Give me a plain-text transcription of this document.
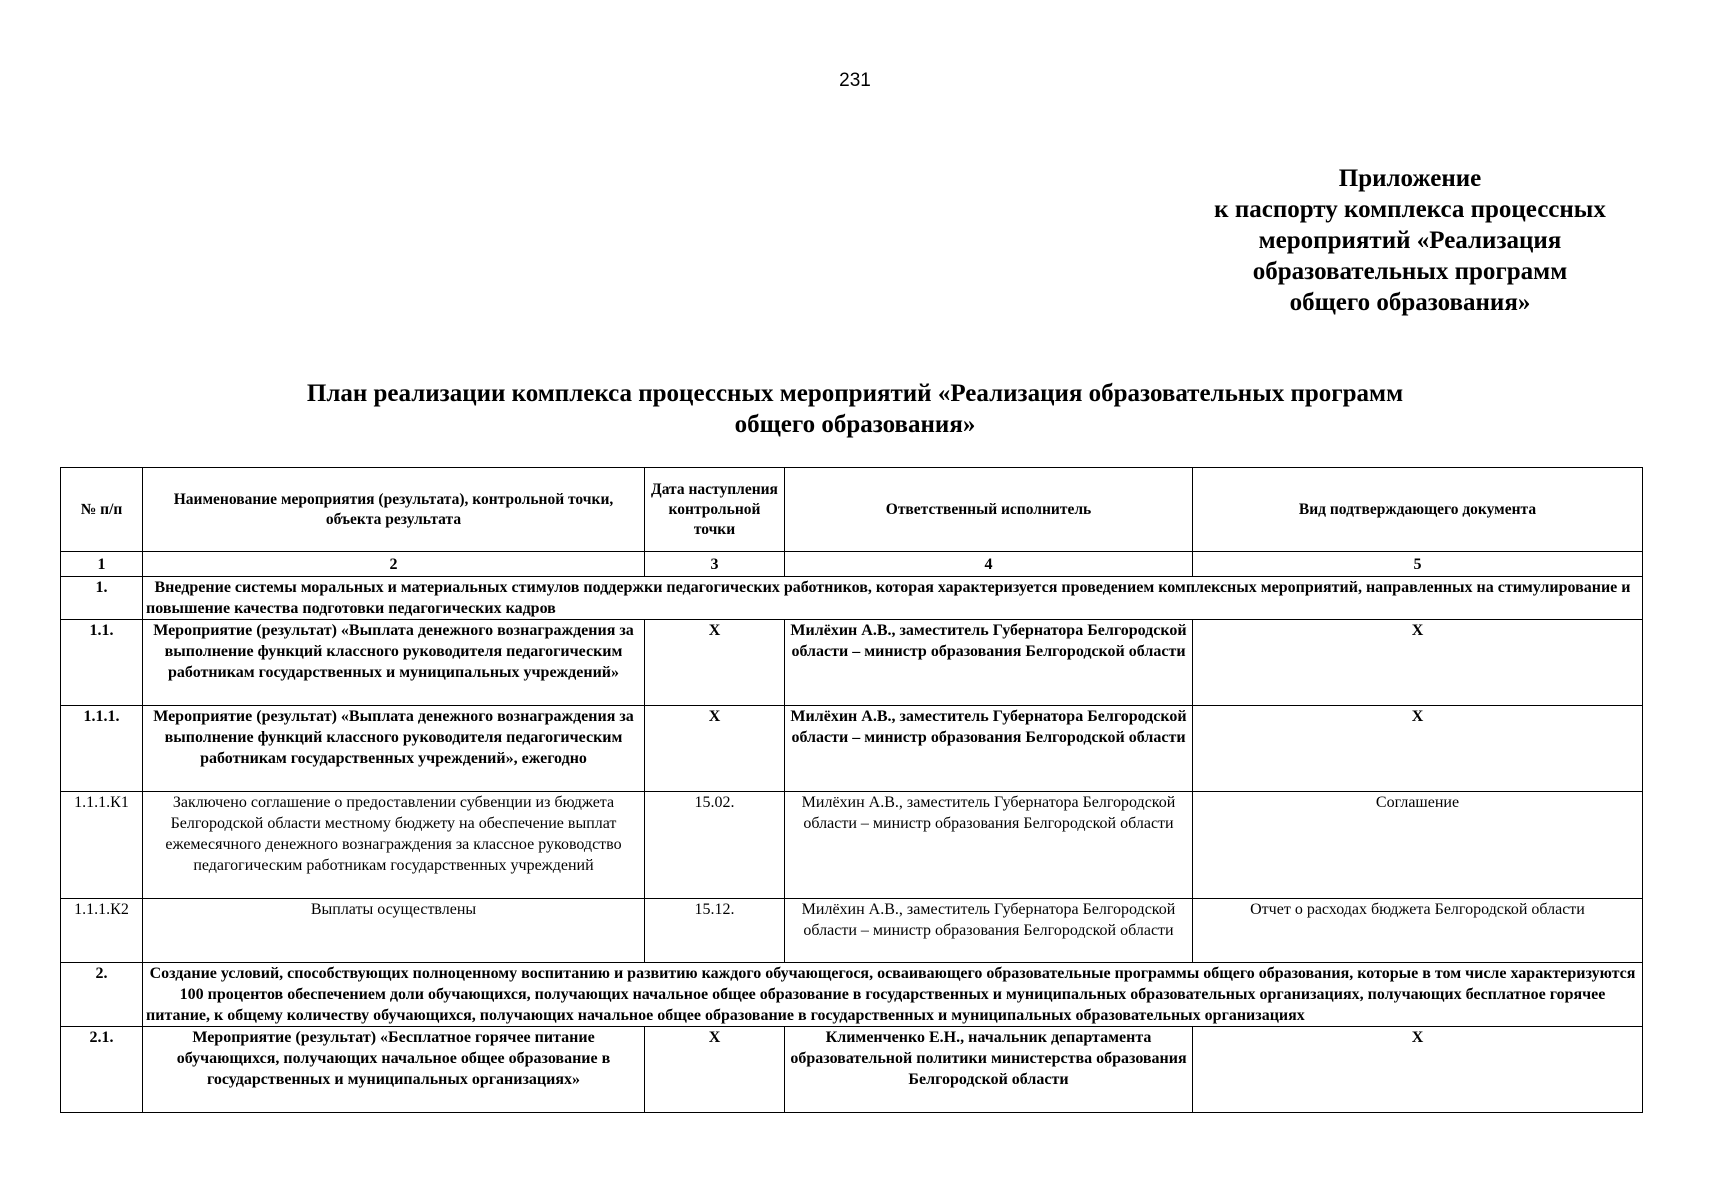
231
Приложение
к паспорту комплекса процессных
мероприятий «Реализация
образовательных программ
общего образования»
План реализации комплекса процессных мероприятий «Реализация образовательных программ
общего образования»
№ п/п	Наименование мероприятия (результата), контрольной точки, объекта результата	Дата наступления контрольной точки	Ответственный исполнитель	Вид подтверждающего документа
1	2	3	4	5
1.	Внедрение системы моральных и материальных стимулов поддержки педагогических работников, которая характеризуется проведением комплексных мероприятий, направленных на стимулирование и повышение качества подготовки педагогических кадров			
1.1.	Мероприятие (результат) «Выплата денежного вознаграждения за выполнение функций классного руководителя педагогическим работникам государственных и муниципальных учреждений»	X	Милёхин А.В., заместитель Губернатора Белгородской области – министр образования Белгородской области	X
1.1.1.	Мероприятие (результат) «Выплата денежного вознаграждения за выполнение функций классного руководителя педагогическим работникам государственных учреждений», ежегодно	X	Милёхин А.В., заместитель Губернатора Белгородской области – министр образования Белгородской области	X
1.1.1.К1	Заключено соглашение о предоставлении субвенции из бюджета Белгородской области местному бюджету на обеспечение выплат ежемесячного денежного вознаграждения за классное руководство педагогическим работникам государственных учреждений	15.02.	Милёхин А.В., заместитель Губернатора Белгородской области – министр образования Белгородской области	Соглашение
1.1.1.К2	Выплаты осуществлены	15.12.	Милёхин А.В., заместитель Губернатора Белгородской области – министр образования Белгородской области	Отчет о расходах бюджета Белгородской области
2.	Создание условий, способствующих полноценному воспитанию и развитию каждого обучающегося, осваивающего образовательные программы общего образования, которые в том числе характеризуются 100 процентов обеспечением доли обучающихся, получающих начальное общее образование в государственных и муниципальных образовательных организациях, получающих бесплатное горячее питание, к общему количеству обучающихся, получающих начальное общее образование в государственных и муниципальных образовательных организациях			
2.1.	Мероприятие (результат) «Бесплатное горячее питание обучающихся, получающих начальное общее образование в государственных и муниципальных организациях»	X	Клименченко Е.Н., начальник департамента образовательной политики министерства образования Белгородской области	X
